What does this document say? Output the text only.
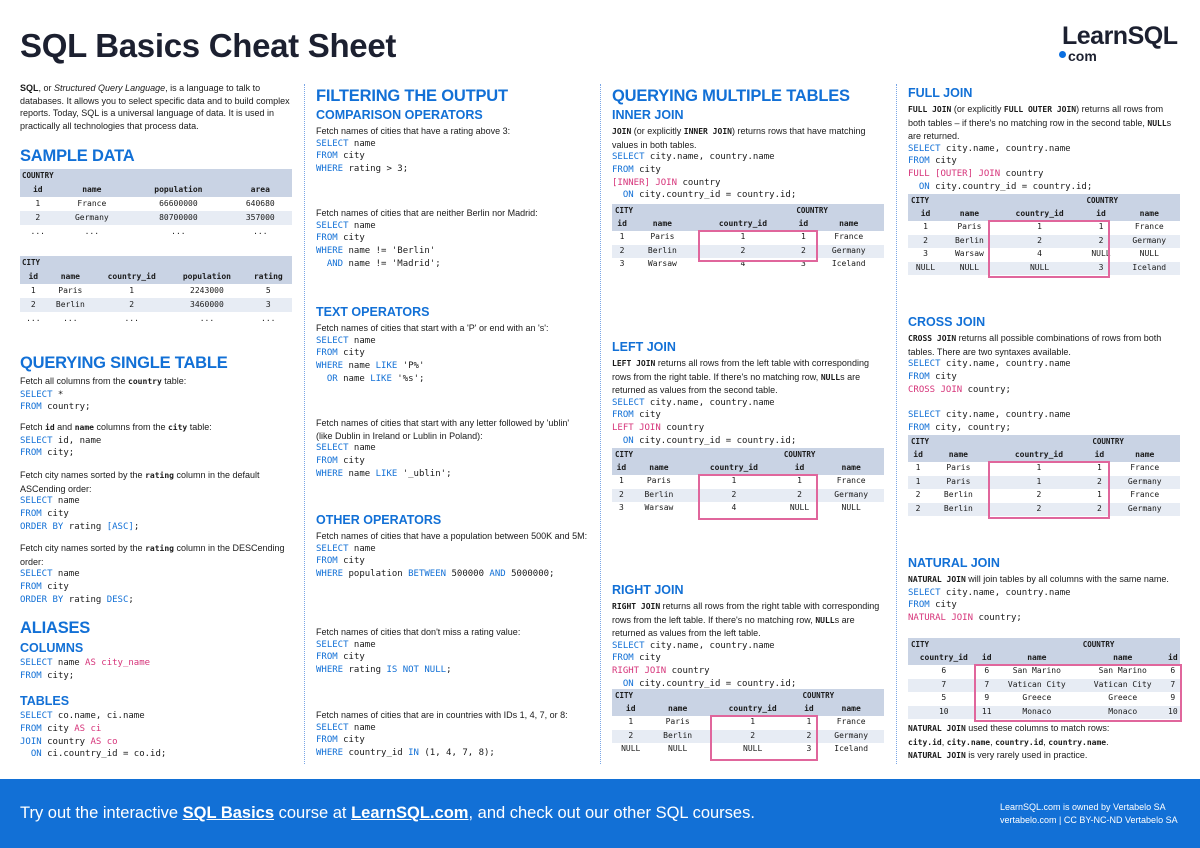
SQL Basics Cheat Sheet	LearnSQL
com

SQL, or Structured Query Language, is a language to talk to databases. It allows you to select specific data and to build complex reports. Today, SQL is a universal language of data. It is used in practically all technologies that process data.

SAMPLE DATA
COUNTRY			
id	name	population	area
1	France	66600000	640680
2	Germany	80700000	357000
...	...	...	...
CITY				
id	name	country_id	population	rating
1	Paris	1	2243000	5
2	Berlin	2	3460000	3
...	...	...	...	...
QUERYING SINGLE TABLE

Fetch all columns from the country table:

SELECT *
FROM country;

Fetch id and name columns from the city table:

SELECT id, name
FROM city;

Fetch city names sorted by the rating column in the default ASCending order:

SELECT name
FROM city
ORDER BY rating [ASC];

Fetch city names sorted by the rating column in the DESCending order:

SELECT name
FROM city
ORDER BY rating DESC;
ALIASES
COLUMNS
SELECT name AS city_name
FROM city;
TABLES
SELECT co.name, ci.name
FROM city AS ci
JOIN country AS co
ON ci.country_id = co.id;
FILTERING THE OUTPUT
COMPARISON OPERATORS

Fetch names of cities that have a rating above 3:

SELECT name
FROM city
WHERE rating > 3;

Fetch names of cities that are neither Berlin nor Madrid:

SELECT name
FROM city
WHERE name != 'Berlin'
AND name != 'Madrid';
TEXT OPERATORS

Fetch names of cities that start with a 'P' or end with an 's':

SELECT name
FROM city
WHERE name LIKE 'P%'
OR name LIKE '%s';

Fetch names of cities that start with any letter followed by 'ublin' (like Dublin in Ireland or Lublin in Poland):

SELECT name
FROM city
WHERE name LIKE '_ublin';
OTHER OPERATORS

Fetch names of cities that have a population between 500K and 5M:

SELECT name
FROM city
WHERE population BETWEEN 500000 AND 5000000;

Fetch names of cities that don't miss a rating value:

SELECT name
FROM city
WHERE rating IS NOT NULL;

Fetch names of cities that are in countries with IDs 1, 4, 7, or 8:

SELECT name
FROM city
WHERE country_id IN (1, 4, 7, 8);
QUERYING MULTIPLE TABLES
INNER JOIN

JOIN (or explicitly INNER JOIN) returns rows that have matching values in both tables.

SELECT city.name, country.name
FROM city
[INNER] JOIN country
ON city.country_id = country.id;
CITY			COUNTRY	
id	name	country_id	id	name
1	Paris	1	1	France
2	Berlin	2	2	Germany
3	Warsaw	4	3	Iceland
LEFT JOIN

LEFT JOIN returns all rows from the left table with corresponding rows from the right table. If there's no matching row, NULLs are returned as values from the second table.

SELECT city.name, country.name
FROM city
LEFT JOIN country
ON city.country_id = country.id;
CITY			COUNTRY	
id	name	country_id	id	name
1	Paris	1	1	France
2	Berlin	2	2	Germany
3	Warsaw	4	NULL	NULL
RIGHT JOIN

RIGHT JOIN returns all rows from the right table with corresponding rows from the left table. If there's no matching row, NULLs are returned as values from the left table.

SELECT city.name, country.name
FROM city
RIGHT JOIN country
ON city.country_id = country.id;
CITY			COUNTRY	
id	name	country_id	id	name
1	Paris	1	1	France
2	Berlin	2	2	Germany
NULL	NULL	NULL	3	Iceland
FULL JOIN

FULL JOIN (or explicitly FULL OUTER JOIN) returns all rows from both tables – if there's no matching row in the second table, NULLs are returned.

SELECT city.name, country.name
FROM city
FULL [OUTER] JOIN country
ON city.country_id = country.id;
CITY			COUNTRY	
id	name	country_id	id	name
1	Paris	1	1	France
2	Berlin	2	2	Germany
3	Warsaw	4	NULL	NULL
NULL	NULL	NULL	3	Iceland
CROSS JOIN

CROSS JOIN returns all possible combinations of rows from both tables. There are two syntaxes available.

SELECT city.name, country.name
FROM city
CROSS JOIN country;

SELECT city.name, country.name
FROM city, country;
CITY			COUNTRY	
id	name	country_id	id	name
1	Paris	1	1	France
1	Paris	1	2	Germany
2	Berlin	2	1	France
2	Berlin	2	2	Germany
NATURAL JOIN

NATURAL JOIN will join tables by all columns with the same name.

SELECT city.name, country.name
FROM city
NATURAL JOIN country;
CITY			COUNTRY	
country_id	id	name	name	id
6	6	San Marino	San Marino	6
7	7	Vatican City	Vatican City	7
5	9	Greece	Greece	9
10	11	Monaco	Monaco	10

NATURAL JOIN used these columns to match rows:

city.id, city.name, country.id, country.name.

NATURAL JOIN is very rarely used in practice.

Try out the interactive SQL Basics course at LearnSQL.com, and check out our other SQL courses.	LearnSQL.com is owned by Vertabelo SA
vertabelo.com | CC BY-NC-ND Vertabelo SA
